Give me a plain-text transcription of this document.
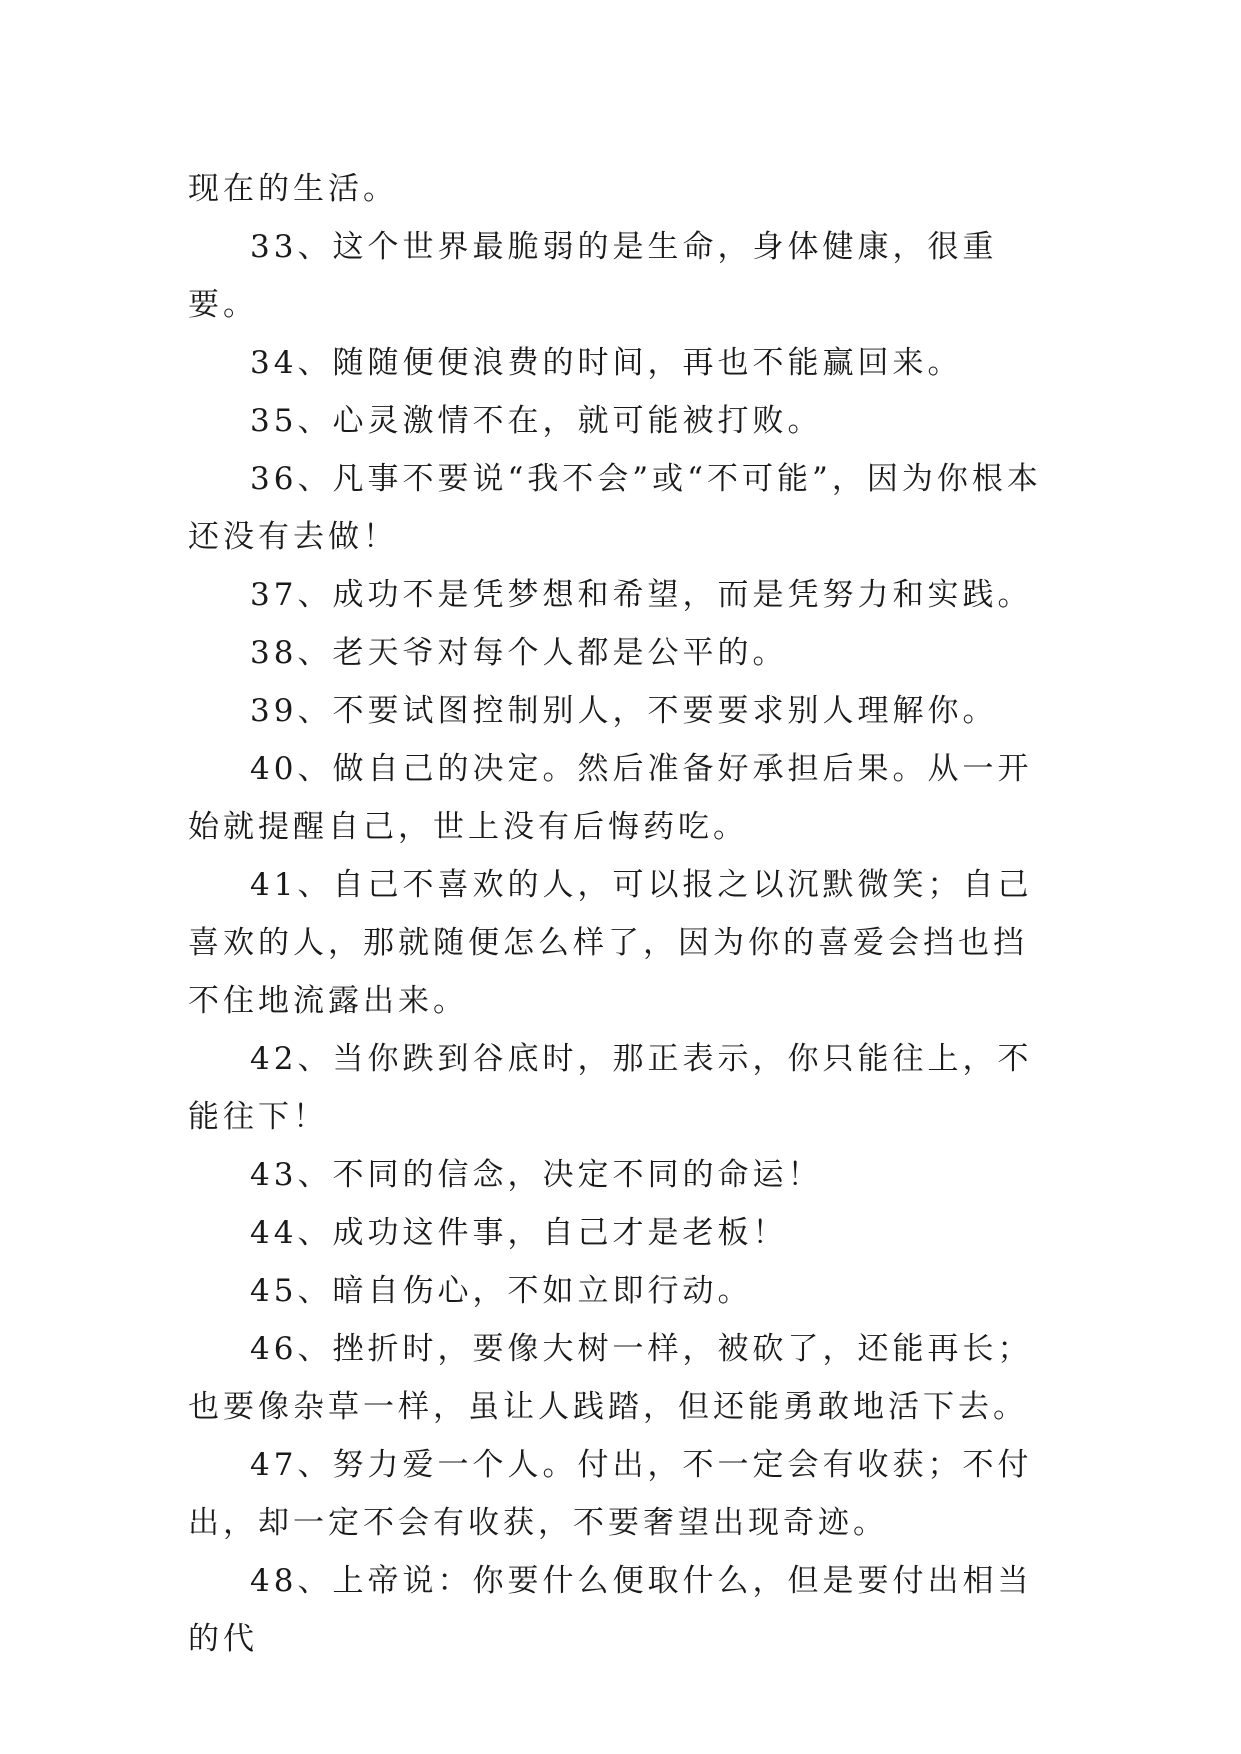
现在的生活。

33、这个世界最脆弱的是生命，身体健康，很重要。

34、随随便便浪费的时间，再也不能赢回来。

35、心灵激情不在，就可能被打败。

36、凡事不要说“我不会”或“不可能”，因为你根本还没有去做！

37、成功不是凭梦想和希望，而是凭努力和实践。

38、老天爷对每个人都是公平的。

39、不要试图控制别人，不要要求别人理解你。

40、做自己的决定。然后准备好承担后果。从一开始就提醒自己，世上没有后悔药吃。

41、自己不喜欢的人，可以报之以沉默微笑；自己喜欢的人，那就随便怎么样了，因为你的喜爱会挡也挡不住地流露出来。

42、当你跌到谷底时，那正表示，你只能往上，不能往下！

43、不同的信念，决定不同的命运！

44、成功这件事，自己才是老板！

45、暗自伤心，不如立即行动。

46、挫折时，要像大树一样，被砍了，还能再长；也要像杂草一样，虽让人践踏，但还能勇敢地活下去。

47、努力爱一个人。付出，不一定会有收获；不付出，却一定不会有收获，不要奢望出现奇迹。

48、上帝说：你要什么便取什么，但是要付出相当的代
